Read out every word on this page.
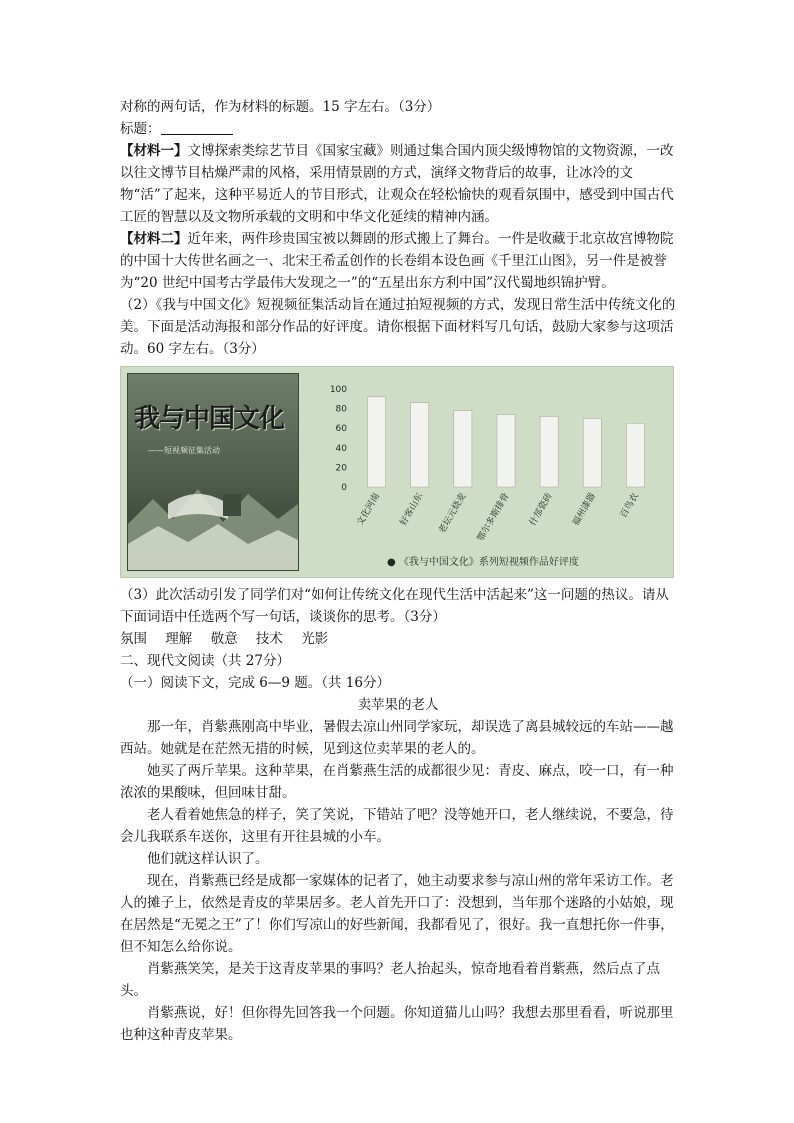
对称的两句话，作为材料的标题。15 字左右。（3分）

标题：

【材料一】文博探索类综艺节目《国家宝藏》则通过集合国内顶尖级博物馆的文物资源，一改以往文博节目枯燥严肃的风格，采用情景剧的方式，演绎文物背后的故事，让冰冷的文物“活”了起来，这种平易近人的节目形式，让观众在轻松愉快的观看氛围中，感受到中国古代工匠的智慧以及文物所承载的文明和中华文化延续的精神内涵。

【材料二】近年来，两件珍贵国宝被以舞剧的形式搬上了舞台。一件是收藏于北京故宫博物院的中国十大传世名画之一、北宋王希孟创作的长卷绢本设色画《千里江山图》，另一件是被誉为“20 世纪中国考古学最伟大发现之一”的“五星出东方利中国”汉代蜀地织锦护臂。

（2）《我与中国文化》短视频征集活动旨在通过拍短视频的方式，发现日常生活中传统文化的美。下面是活动海报和部分作品的好评度。请你根据下面材料写几句话，鼓励大家参与这项活动。60 字左右。（3分）

我与中国文化
——短视频征集活动
0
20
40
60
80
100
文化河南 好客山东 老坛元烧麦 鄂尔多斯排骨 什邡瓷砖 福州漆器 百鸟衣
● 《我与中国文化》系列短视频作品好评度

（3）此次活动引发了同学们对“如何让传统文化在现代生活中活起来”这一问题的热议。请从下面词语中任选两个写一句话，谈谈你的思考。（3分）

氛围 理解 敬意 技术 光影

二、现代文阅读（共 27分）

（一）阅读下文，完成 6—9 题。（共 16分）

卖苹果的老人

那一年，肖紫燕刚高中毕业，暑假去凉山州同学家玩，却误选了离县城较远的车站——越西站。她就是在茫然无措的时候，见到这位卖苹果的老人的。

她买了两斤苹果。这种苹果，在肖紫燕生活的成都很少见：青皮、麻点，咬一口，有一种浓浓的果酸味，但回味甘甜。

老人看着她焦急的样子，笑了笑说，下错站了吧？没等她开口，老人继续说，不要急，待会儿我联系车送你，这里有开往县城的小车。

他们就这样认识了。

现在，肖紫燕已经是成都一家媒体的记者了，她主动要求参与凉山州的常年采访工作。老人的摊子上，依然是青皮的苹果居多。老人首先开口了：没想到，当年那个迷路的小姑娘，现在居然是“无冕之王”了！你们写凉山的好些新闻，我都看见了，很好。我一直想托你一件事，但不知怎么给你说。

肖紫燕笑笑，是关于这青皮苹果的事吗？老人抬起头，惊奇地看着肖紫燕，然后点了点头。

肖紫燕说，好！但你得先回答我一个问题。你知道猫儿山吗？我想去那里看看，听说那里也种这种青皮苹果。
